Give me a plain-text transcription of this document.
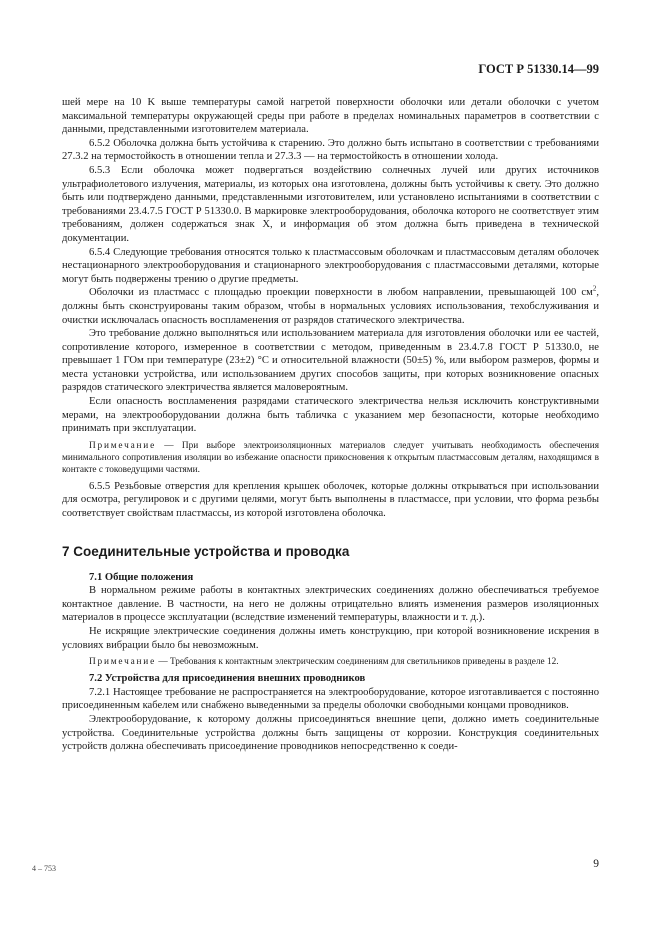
ГОСТ Р 51330.14—99

шей мере на 10 K выше температуры самой нагретой поверхности оболочки или детали оболочки с учетом максимальной температуры окружающей среды при работе в пределах номинальных параметров в соответствии с данными, представленными изготовителем материала.

6.5.2 Оболочка должна быть устойчива к старению. Это должно быть испытано в соответствии с требованиями 27.3.2 на термостойкость в отношении тепла и 27.3.3 — на термостойкость в отношении холода.

6.5.3 Если оболочка может подвергаться воздействию солнечных лучей или других источников ультрафиолетового излучения, материалы, из которых она изготовлена, должны быть устойчивы к свету. Это должно быть или подтверждено данными, представленными изготовителем, или установлено испытаниями в соответствии с требованиями 23.4.7.5 ГОСТ Р 51330.0. В маркировке электрооборудования, оболочка которого не соответствует этим требованиям, должен содержаться знак X, и информация об этом должна быть приведена в технической документации.

6.5.4 Следующие требования относятся только к пластмассовым оболочкам и пластмассовым деталям оболочек нестационарного электрооборудования и стационарного электрооборудования с пластмассовыми деталями, которые могут быть подвержены трению о другие предметы.

Оболочки из пластмасс с площадью проекции поверхности в любом направлении, превышающей 100 $см^2$, должны быть сконструированы таким образом, чтобы в нормальных условиях использования, техобслуживания и очистки исключалась опасность воспламенения от разрядов статического электричества.

Это требование должно выполняться или использованием материала для изготовления оболочки или ее частей, сопротивление которого, измеренное в соответствии с методом, приведенным в 23.4.7.8 ГОСТ Р 51330.0, не превышает 1 ГОм при температуре (23±2) °С и относительной влажности (50±5) %, или выбором размеров, формы и места установки устройства, или использованием других способов защиты, при которых возникновение опасных разрядов статического электричества является маловероятным.

Если опасность воспламенения разрядами статического электричества нельзя исключить конструктивными мерами, на электрооборудовании должна быть табличка с указанием мер безопасности, которые необходимо принимать при эксплуатации.

Примечание — При выборе электроизоляционных материалов следует учитывать необходимость обеспечения минимального сопротивления изоляции во избежание опасности прикосновения к открытым пластмассовым деталям, находящимся в контакте с токоведущими частями.

6.5.5 Резьбовые отверстия для крепления крышек оболочек, которые должны открываться при использовании для осмотра, регулировок и с другими целями, могут быть выполнены в пластмассе, при условии, что форма резьбы соответствует свойствам пластмассы, из которой изготовлена оболочка.

7 Соединительные устройства и проводка
7.1 Общие положения

В нормальном режиме работы в контактных электрических соединениях должно обеспечиваться требуемое контактное давление. В частности, на него не должны отрицательно влиять изменения размеров изоляционных материалов в процессе эксплуатации (вследствие изменений температуры, влажности и т. д.).

Не искрящие электрические соединения должны иметь конструкцию, при которой возникновение искрения в условиях вибрации было бы невозможным.

Примечание — Требования к контактным электрическим соединениям для светильников приведены в разделе 12.

7.2 Устройства для присоединения внешних проводников

7.2.1 Настоящее требование не распространяется на электрооборудование, которое изготавливается с постоянно присоединенным кабелем или снабжено выведенными за пределы оболочки свободными концами проводников.

Электрооборудование, к которому должны присоединяться внешние цепи, должно иметь соединительные устройства. Соединительные устройства должны быть защищены от коррозии. Конструкция соединительных устройств должна обеспечивать присоединение проводников непосредственно к соеди-

4 – 753	9
